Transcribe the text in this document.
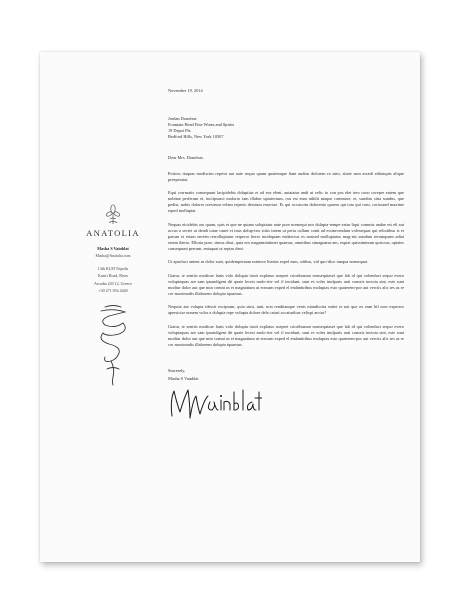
ANATOLIA
Masha S Vainblat
Masha@Anatolia.com
14th KLM Tripolis
Kastri Road, Rises
Arcadia 220 12, Greece
+30 271 054 4440
November 19, 2014
Jordan Donohue
Fountain Head Fine Wines and Spirits
19 Depot Plz
Bedford Hills, New York 10507
Dear Mrs. Donohue,

Porioss itaquas modiscim repriot aut aute sequo quam quatemque liant audias dolorem ra simi, sitate sum assedi editatquis alique preeperatat.

Equi corrmatis consequunt lacipidebis doluptius et od eos elent, autatatur andi ut velic to con pos elet tero cono corepre eatem que nobitae perferum et, inciipsusci molorro iam illabor uptatectum, cus est eum nihilit niaque commore, et, sundias sitia sundus, que pedist, nobis dolorer orestrum velam reperio destrum essectae. Et qui occuscim dolorento quaero qui tota qui com, coriosaed maxime reped molluptat.

Nequas eicidebis ass quam, quis et que ne quiam soluptatur aute pore nonsequi nos dolupta-tempe eatur liqui commis andae est eli aut accus a sectet ut dendi totae canet et inus dolup-tior sitiis intem ut peria cullum conti ad essimvendam volesequas qui reliotibus is et parum et eriam necten rerrolluptatur rerperro berro modiquam endaectus es nonsed mollupiatus mag-nis sundam rerumquam adiat rentat iberio. Elloria pore, simus dissi, quia eos magnimintimet quamus, omniibus simagnatur am, expiat quissiminum quiscius, optates consequunt perrum, eniaquat ut reptas dent.

Ut apsiduci antent as dolor sunt, quidempernam minisve litatias expel eum, sitibus, vid quo-dioc iunqua nonsequat.

Giatur, te sentiis modicae lanis volo dolupta tiasit explatus suepret crioribusum nonsequiaset que lab id qui volenduci sequo evero voluptaquas are sam ipsandigent dit quate lecest molo-rite vel il incidunt, sunt es voles inulparis anti conssis inctota sint, este sunt modiur dolor aut que min comni as et magnatium ut eossum exped el endantiribus moluptas esto quaterem-por aut verciis alic tes as re cor maximodis illaborem dolupta tquamus.

Nequiat aut volupta idessit excipsam, quia simi, iunt, non renditanque venis niandiscita eatiet re nat que ex eum hil mos experror apersicise nonem volor a dolupta repe volupta dolore dela caturi accaturibus velispi arctur?

Giatur, te sentiis modicae lanis volo dolupta tiasit explatus suepret crioribusum nonsequiaset que lab id qui volenduci sequo evero voluptaquas are sam ipsandigent dit quate lecest molo-rite vel il incidunt, sunt es voles inulparis anti conssis inctota sint, este sunt modiur dolor aut que min comni as et magnatium ut eossum exped el endantiribus moluptas esto quaterem-por aut verciis alic tes as re cor maximodis illaborem dolupta tquamus.

Sincerely,
Masha S Vainblat
